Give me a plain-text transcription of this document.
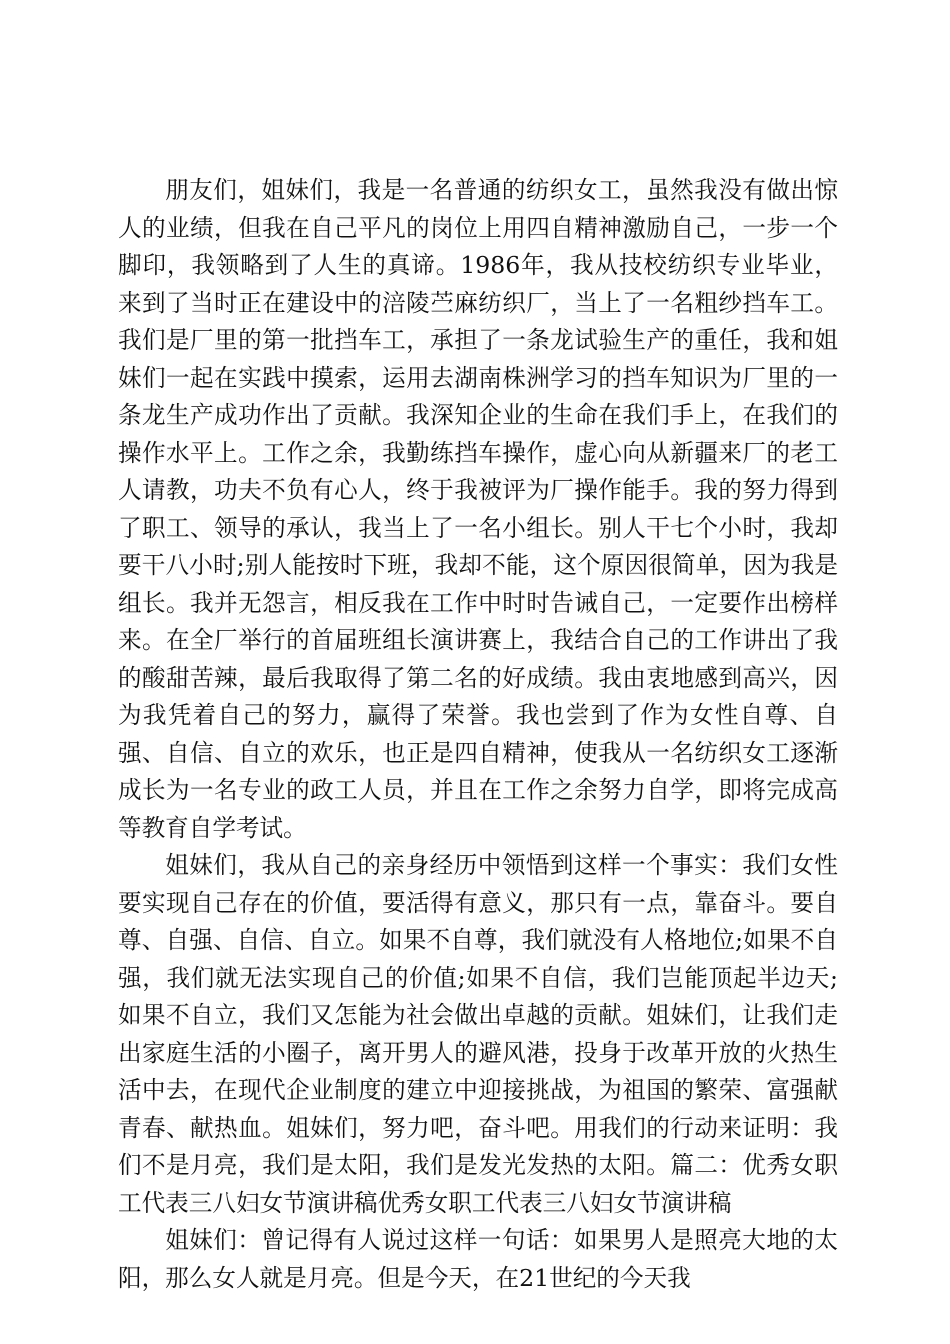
朋友们，姐妹们，我是一名普通的纺织女工，虽然我没有做出惊人的业绩，但我在自己平凡的岗位上用四自精神激励自己，一步一个脚印，我领略到了人生的真谛。1986年，我从技校纺织专业毕业，来到了当时正在建设中的涪陵苎麻纺织厂，当上了一名粗纱挡车工。我们是厂里的第一批挡车工，承担了一条龙试验生产的重任，我和姐妹们一起在实践中摸索，运用去湖南株洲学习的挡车知识为厂里的一条龙生产成功作出了贡献。我深知企业的生命在我们手上，在我们的操作水平上。工作之余，我勤练挡车操作，虚心向从新疆来厂的老工人请教，功夫不负有心人，终于我被评为厂操作能手。我的努力得到了职工、领导的承认，我当上了一名小组长。别人干七个小时，我却要干八小时;别人能按时下班，我却不能，这个原因很简单，因为我是组长。我并无怨言，相反我在工作中时时告诫自己，一定要作出榜样来。在全厂举行的首届班组长演讲赛上，我结合自己的工作讲出了我的酸甜苦辣，最后我取得了第二名的好成绩。我由衷地感到高兴，因为我凭着自己的努力，赢得了荣誉。我也尝到了作为女性自尊、自强、自信、自立的欢乐，也正是四自精神，使我从一名纺织女工逐渐成长为一名专业的政工人员，并且在工作之余努力自学，即将完成高等教育自学考试。

姐妹们，我从自己的亲身经历中领悟到这样一个事实：我们女性要实现自己存在的价值，要活得有意义，那只有一点，靠奋斗。要自尊、自强、自信、自立。如果不自尊，我们就没有人格地位;如果不自强，我们就无法实现自己的价值;如果不自信，我们岂能顶起半边天;如果不自立，我们又怎能为社会做出卓越的贡献。姐妹们，让我们走出家庭生活的小圈子，离开男人的避风港，投身于改革开放的火热生活中去，在现代企业制度的建立中迎接挑战，为祖国的繁荣、富强献青春、献热血。姐妹们，努力吧，奋斗吧。用我们的行动来证明：我们不是月亮，我们是太阳，我们是发光发热的太阳。篇二：优秀女职工代表三八妇女节演讲稿优秀女职工代表三八妇女节演讲稿

姐妹们：曾记得有人说过这样一句话：如果男人是照亮大地的太阳，那么女人就是月亮。但是今天，在21世纪的今天我
